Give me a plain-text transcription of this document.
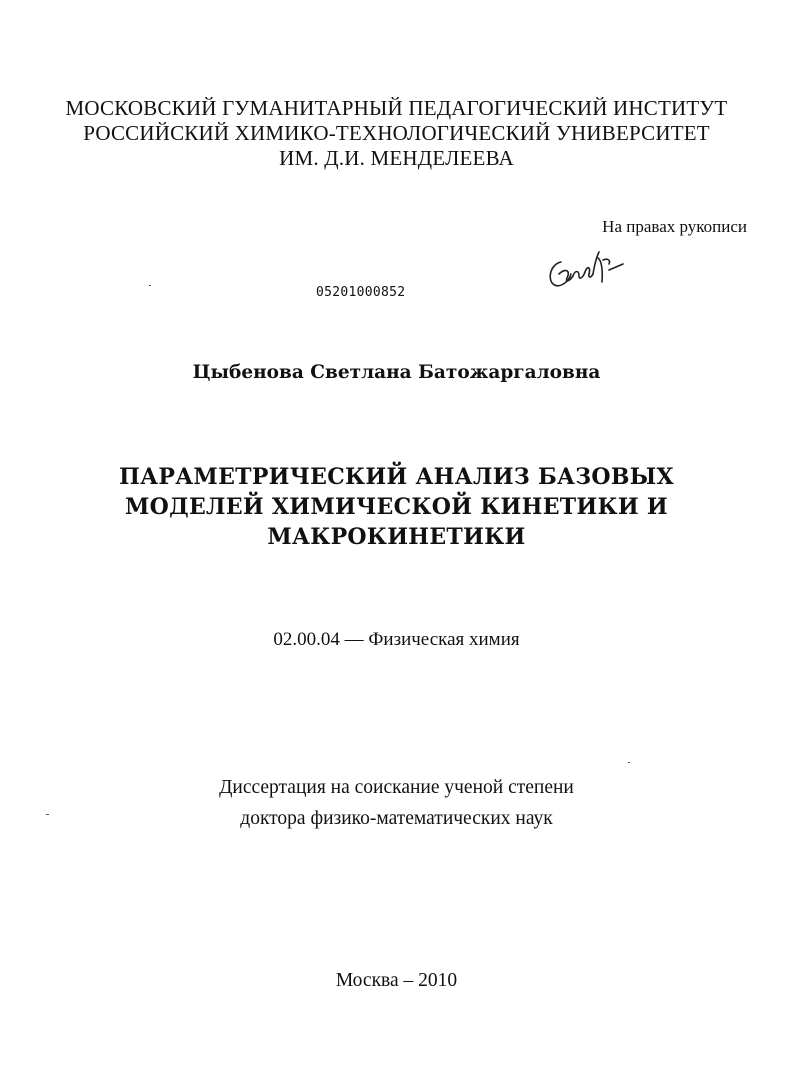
МОСКОВСКИЙ ГУМАНИТАРНЫЙ ПЕДАГОГИЧЕСКИЙ ИНСТИТУТ
РОССИЙСКИЙ ХИМИКО-ТЕХНОЛОГИЧЕСКИЙ УНИВЕРСИТЕТ
ИМ. Д.И. МЕНДЕЛЕЕВА
На правах рукописи
05201000852
Цыбенова Светлана Батожаргаловна
ПАРАМЕТРИЧЕСКИЙ АНАЛИЗ БАЗОВЫХ
МОДЕЛЕЙ ХИМИЧЕСКОЙ КИНЕТИКИ И
МАКРОКИНЕТИКИ
02.00.04 — Физическая химия
Диссертация на соискание ученой степени
доктора физико-математических наук
Москва – 2010
